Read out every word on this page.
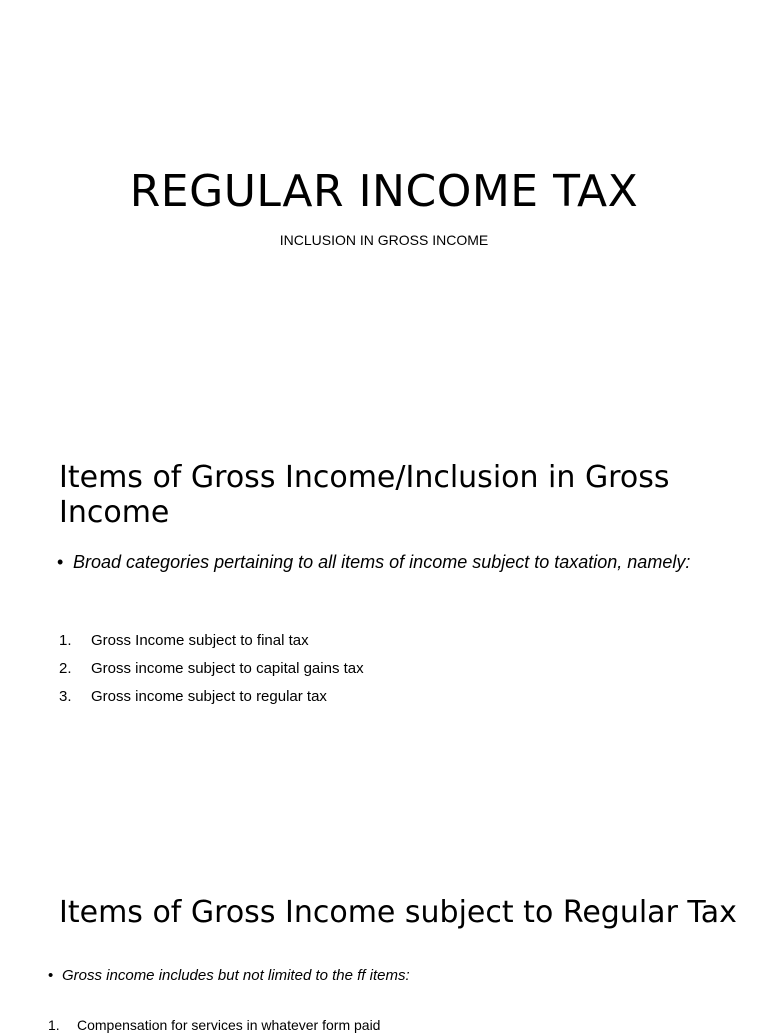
REGULAR INCOME TAX
INCLUSION IN GROSS INCOME
Items of Gross Income/Inclusion in Gross Income
• Broad categories pertaining to all items of income subject to taxation, namely:
1.	Gross Income subject to final tax
2.	Gross income subject to capital gains tax
3.	Gross income subject to regular tax
Items of Gross Income subject to Regular Tax
• Gross income includes but not limited to the ff items:
1.	Compensation for services in whatever form paid
